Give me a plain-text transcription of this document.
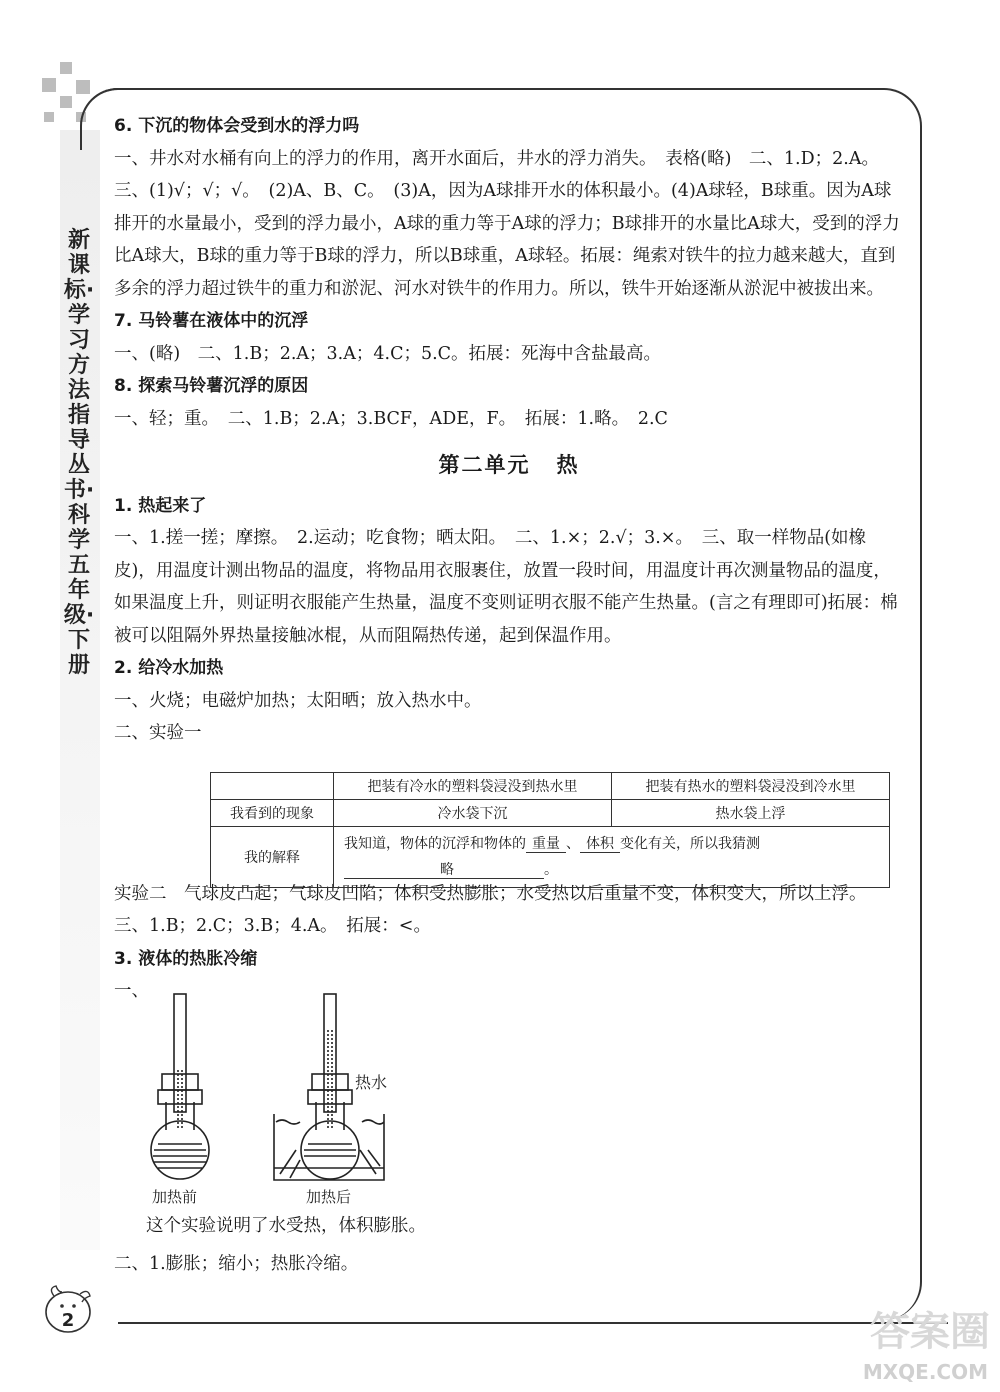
新课标·学习方法指导丛书·科学五年级·下册

6. 下沉的物体会受到水的浮力吗

一、井水对水桶有向上的浮力的作用，离开水面后，井水的浮力消失。　表格(略)　二、1.D；2.A。　三、(1)√；√；√。　(2)A、B、C。　(3)A，因为A球排开水的体积最小。(4)A球轻，B球重。因为A球排开的水量最小，受到的浮力最小，A球的重力等于A球的浮力；B球排开的水量比A球大，受到的浮力比A球大，B球的重力等于B球的浮力，所以B球重，A球轻。拓展：绳索对铁牛的拉力越来越大，直到多余的浮力超过铁牛的重力和淤泥、河水对铁牛的作用力。所以，铁牛开始逐渐从淤泥中被拔出来。

7. 马铃薯在液体中的沉浮

一、(略)　二、1.B；2.A；3.A；4.C；5.C。拓展：死海中含盐最高。

8. 探索马铃薯沉浮的原因

一、轻；重。　二、1.B；2.A；3.BCF，ADE，F。　拓展：1.略。　2.C

第二单元 热

1. 热起来了

一、1.搓一搓；摩擦。　2.运动；吃食物；晒太阳。　二、1.×；2.√；3.×。　三、取一样物品(如橡皮)，用温度计测出物品的温度，将物品用衣服裹住，放置一段时间，用温度计再次测量物品的温度，如果温度上升，则证明衣服能产生热量，温度不变则证明衣服不能产生热量。(言之有理即可)拓展：棉被可以阻隔外界热量接触冰棍，从而阻隔热传递，起到保温作用。

2. 给冷水加热

一、火烧；电磁炉加热；太阳晒；放入热水中。

二、实验一

实验二　气球皮凸起；气球皮凹陷；体积受热膨胀；水受热以后重量不变，体积变大，所以上浮。

三、1.B；2.C；3.B；4.A。　拓展：<。

3. 液体的热胀冷缩

一、

	把装有冷水的塑料袋浸没到热水里	把装有热水的塑料袋浸没到冷水里
我看到的现象	冷水袋下沉	热水袋上浮
我的解释	我知道，物体的沉浮和物体的 重量 、 体积 变化有关，所以我猜测
略 。	
热水
加热前	加热后
这个实验说明了水受热，体积膨胀。
二、1.膨胀；缩小；热胀冷缩。
2	答案圈
MXQE.COM
